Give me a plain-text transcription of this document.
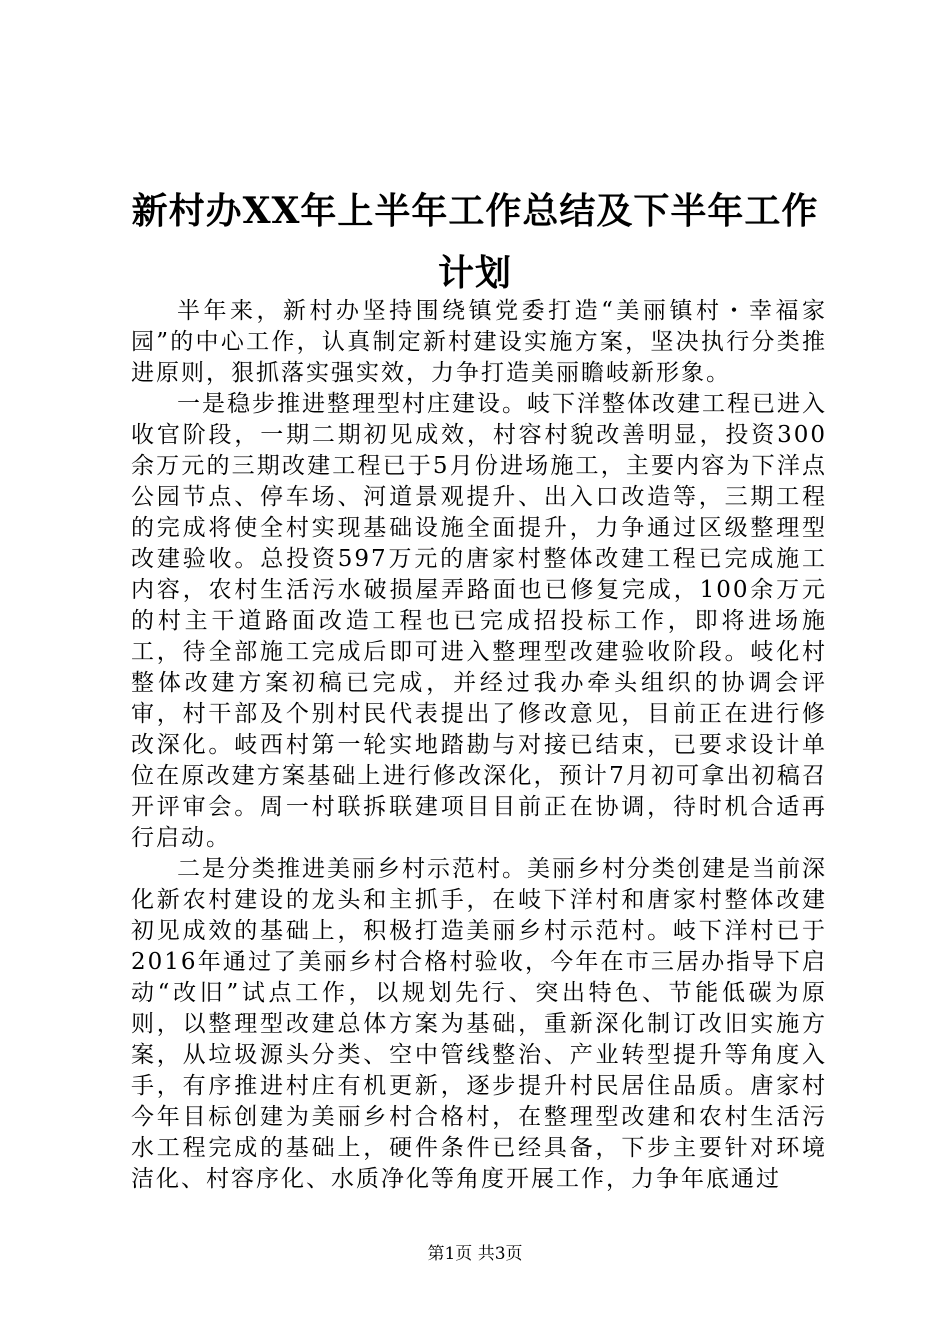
新村办XX年上半年工作总结及下半年工作计划

半年来，新村办坚持围绕镇党委打造“美丽镇村・幸福家园”的中心工作，认真制定新村建设实施方案，坚决执行分类推进原则，狠抓落实强实效，力争打造美丽瞻岐新形象。

一是稳步推进整理型村庄建设。岐下洋整体改建工程已进入收官阶段，一期二期初见成效，村容村貌改善明显，投资300余万元的三期改建工程已于5月份进场施工，主要内容为下洋点公园节点、停车场、河道景观提升、出入口改造等，三期工程的完成将使全村实现基础设施全面提升，力争通过区级整理型改建验收。总投资597万元的唐家村整体改建工程已完成施工内容，农村生活污水破损屋弄路面也已修复完成，100余万元的村主干道路面改造工程也已完成招投标工作，即将进场施工，待全部施工完成后即可进入整理型改建验收阶段。岐化村整体改建方案初稿已完成，并经过我办牵头组织的协调会评审，村干部及个别村民代表提出了修改意见，目前正在进行修改深化。岐西村第一轮实地踏勘与对接已结束，已要求设计单位在原改建方案基础上进行修改深化，预计7月初可拿出初稿召开评审会。周一村联拆联建项目目前正在协调，待时机合适再行启动。

二是分类推进美丽乡村示范村。美丽乡村分类创建是当前深化新农村建设的龙头和主抓手，在岐下洋村和唐家村整体改建初见成效的基础上，积极打造美丽乡村示范村。岐下洋村已于2016年通过了美丽乡村合格村验收，今年在市三居办指导下启动“改旧”试点工作，以规划先行、突出特色、节能低碳为原则，以整理型改建总体方案为基础，重新深化制订改旧实施方案，从垃圾源头分类、空中管线整治、产业转型提升等角度入手，有序推进村庄有机更新，逐步提升村民居住品质。唐家村今年目标创建为美丽乡村合格村，在整理型改建和农村生活污水工程完成的基础上，硬件条件已经具备，下步主要针对环境洁化、村容序化、水质净化等角度开展工作，力争年底通过

第1页 共3页
